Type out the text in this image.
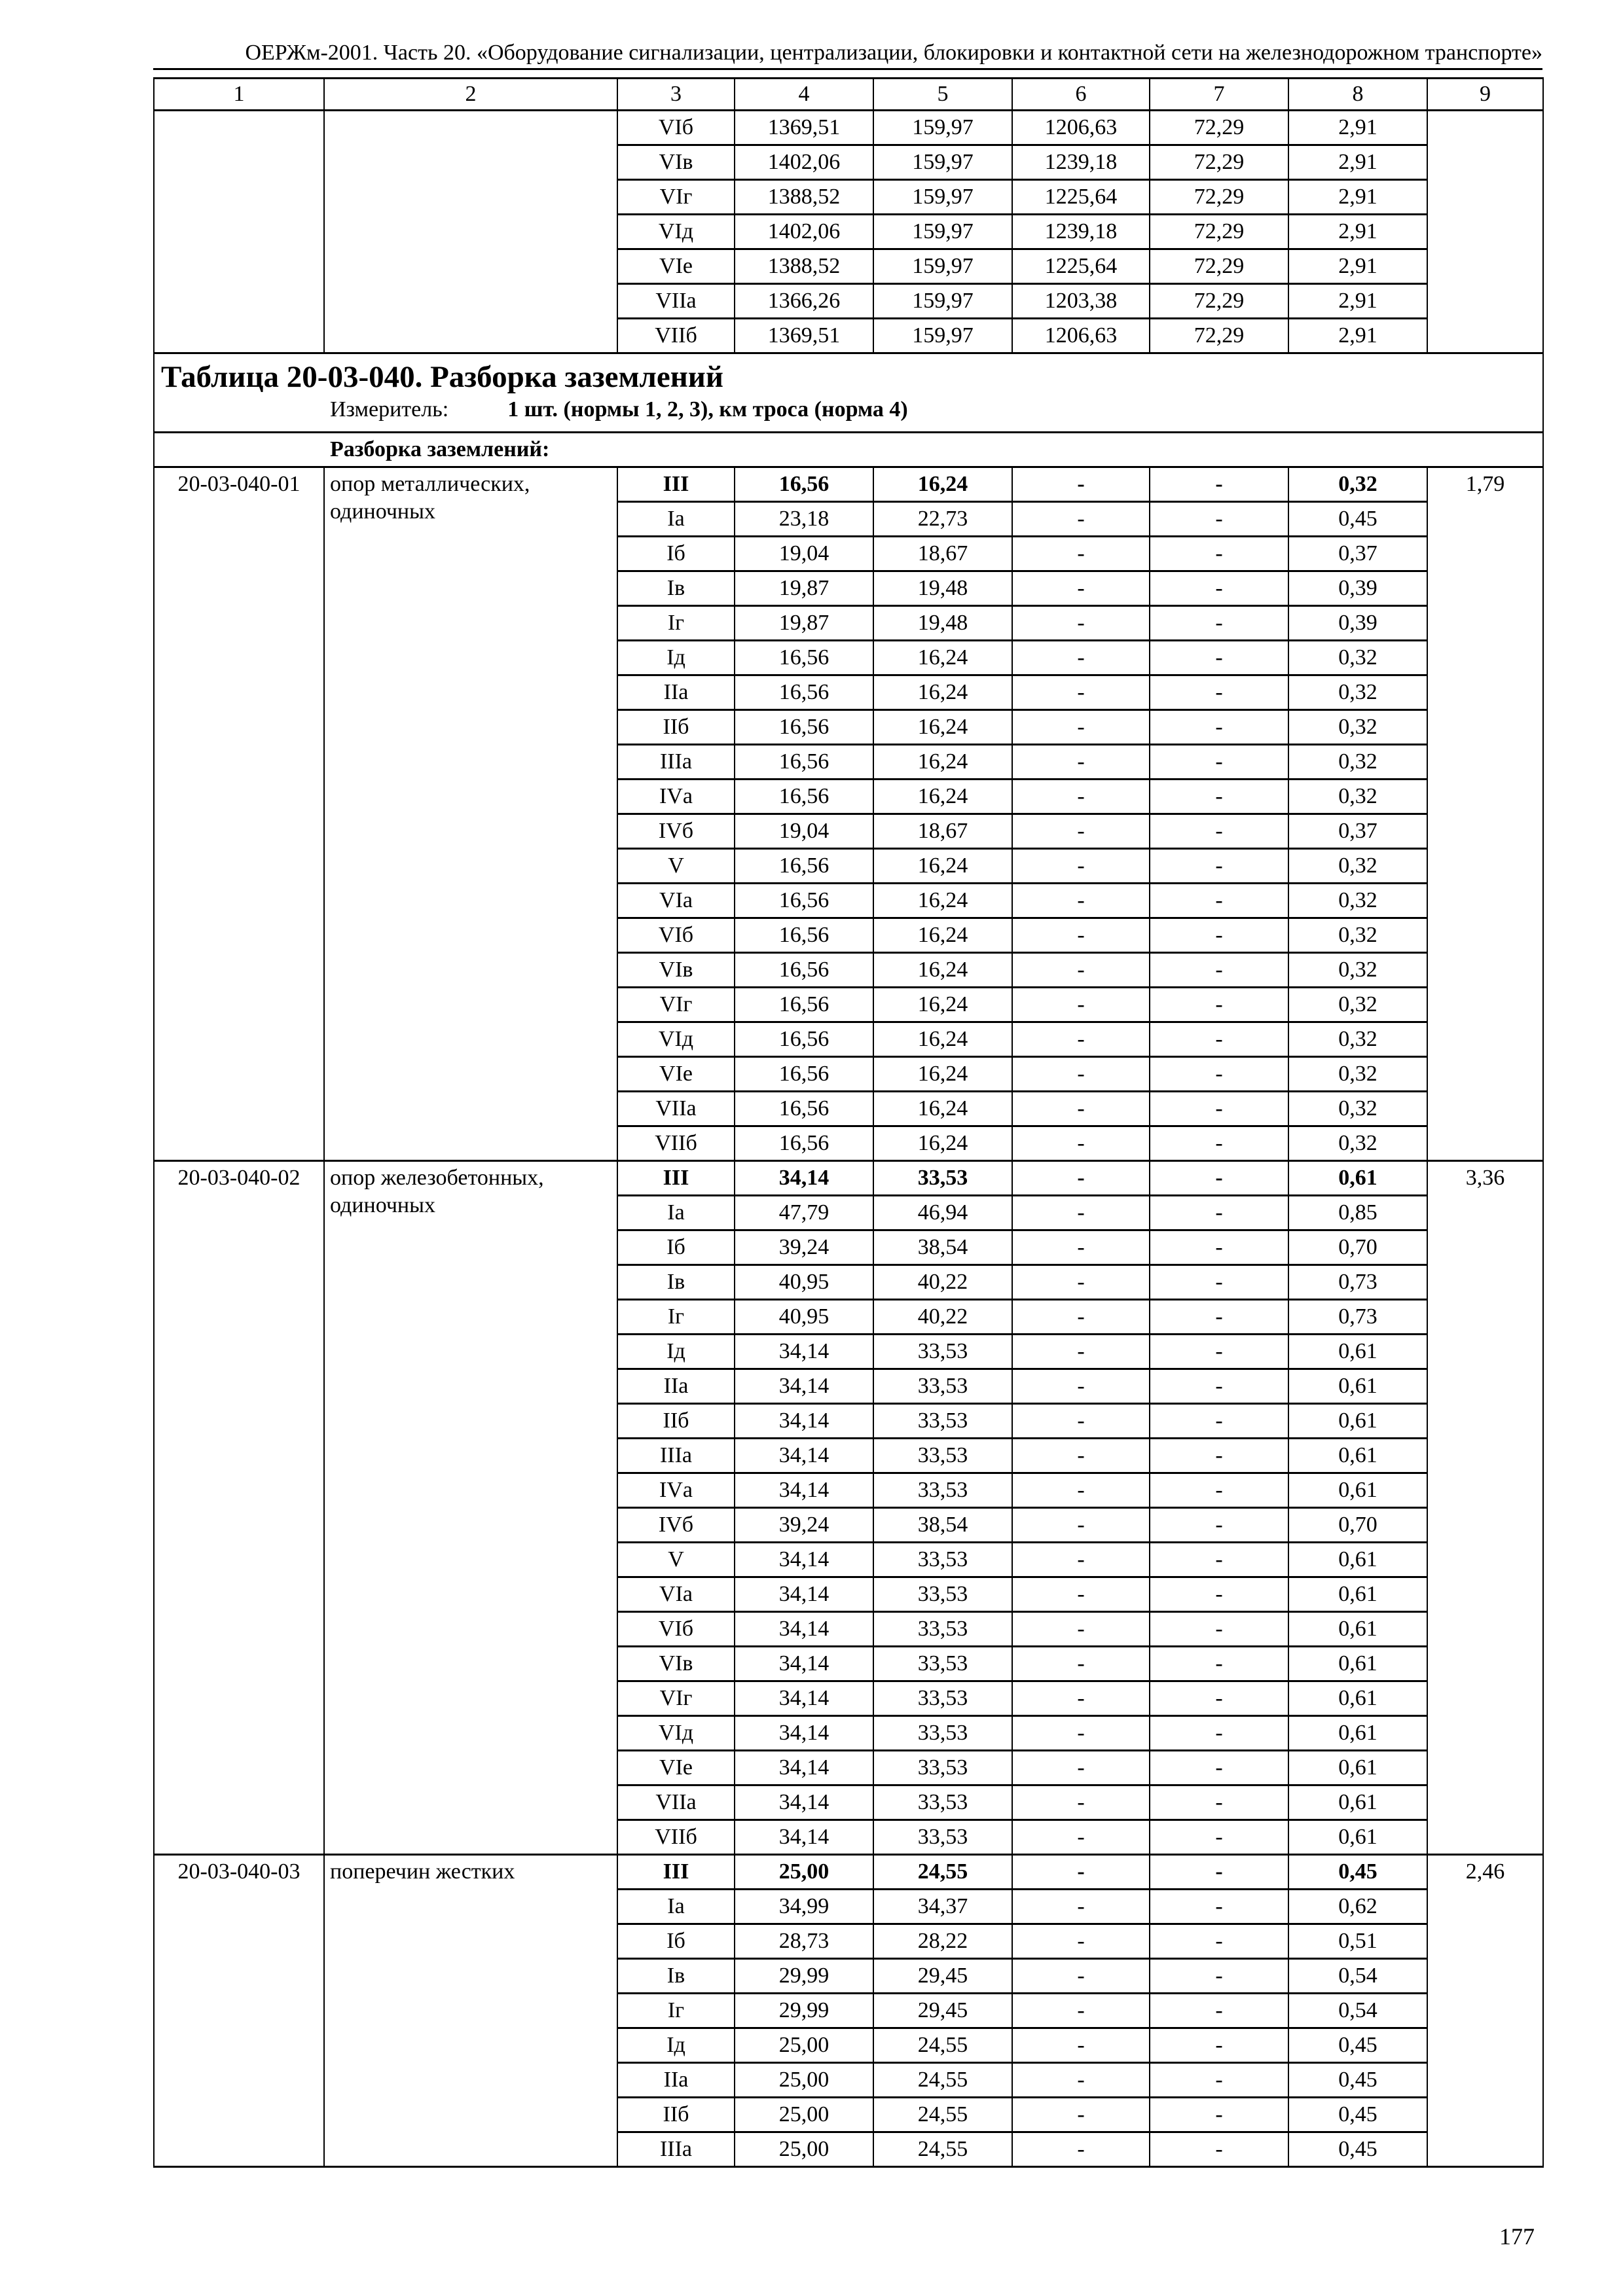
ОЕРЖм-2001. Часть 20. «Оборудование сигнализации, централизации, блокировки и контактной сети на железнодорожном транспорте»
1	2	3	4	5	6	7	8	9
		VIб	1369,51	159,97	1206,63	72,29	2,91	
		VIв	1402,06	159,97	1239,18	72,29	2,91	
		VIг	1388,52	159,97	1225,64	72,29	2,91	
		VIд	1402,06	159,97	1239,18	72,29	2,91	
		VIе	1388,52	159,97	1225,64	72,29	2,91	
		VIIа	1366,26	159,97	1203,38	72,29	2,91	
		VIIб	1369,51	159,97	1206,63	72,29	2,91	

Таблица 20-03-040. Разборка заземлений
Измеритель: 1 шт. (нормы 1, 2, 3), км троса (норма 4)								

Разборка заземлений:								
20-03-040-01	опор металлических, одиночных	III	16,56	16,24	-	-	0,32	1,79
		Iа	23,18	22,73	-	-	0,45	
		Iб	19,04	18,67	-	-	0,37	
		Iв	19,87	19,48	-	-	0,39	
		Iг	19,87	19,48	-	-	0,39	
		Iд	16,56	16,24	-	-	0,32	
		IIа	16,56	16,24	-	-	0,32	
		IIб	16,56	16,24	-	-	0,32	
		IIIа	16,56	16,24	-	-	0,32	
		IVа	16,56	16,24	-	-	0,32	
		IVб	19,04	18,67	-	-	0,37	
		V	16,56	16,24	-	-	0,32	
		VIа	16,56	16,24	-	-	0,32	
		VIб	16,56	16,24	-	-	0,32	
		VIв	16,56	16,24	-	-	0,32	
		VIг	16,56	16,24	-	-	0,32	
		VIд	16,56	16,24	-	-	0,32	
		VIе	16,56	16,24	-	-	0,32	
		VIIа	16,56	16,24	-	-	0,32	
		VIIб	16,56	16,24	-	-	0,32	
20-03-040-02	опор железобетонных, одиночных	III	34,14	33,53	-	-	0,61	3,36
		Iа	47,79	46,94	-	-	0,85	
		Iб	39,24	38,54	-	-	0,70	
		Iв	40,95	40,22	-	-	0,73	
		Iг	40,95	40,22	-	-	0,73	
		Iд	34,14	33,53	-	-	0,61	
		IIа	34,14	33,53	-	-	0,61	
		IIб	34,14	33,53	-	-	0,61	
		IIIа	34,14	33,53	-	-	0,61	
		IVа	34,14	33,53	-	-	0,61	
		IVб	39,24	38,54	-	-	0,70	
		V	34,14	33,53	-	-	0,61	
		VIа	34,14	33,53	-	-	0,61	
		VIб	34,14	33,53	-	-	0,61	
		VIв	34,14	33,53	-	-	0,61	
		VIг	34,14	33,53	-	-	0,61	
		VIд	34,14	33,53	-	-	0,61	
		VIе	34,14	33,53	-	-	0,61	
		VIIа	34,14	33,53	-	-	0,61	
		VIIб	34,14	33,53	-	-	0,61	
20-03-040-03	поперечин жестких	III	25,00	24,55	-	-	0,45	2,46
		Iа	34,99	34,37	-	-	0,62	
		Iб	28,73	28,22	-	-	0,51	
		Iв	29,99	29,45	-	-	0,54	
		Iг	29,99	29,45	-	-	0,54	
		Iд	25,00	24,55	-	-	0,45	
		IIа	25,00	24,55	-	-	0,45	
		IIб	25,00	24,55	-	-	0,45	
		IIIа	25,00	24,55	-	-	0,45	
177
